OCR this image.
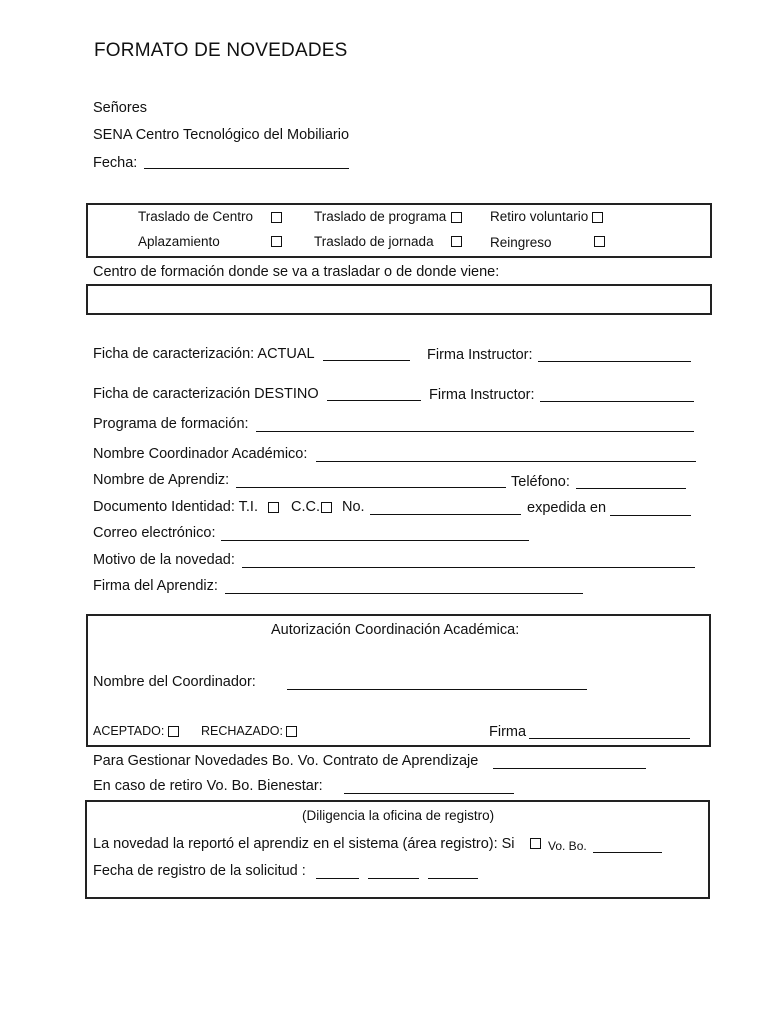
FORMATO DE NOVEDADES
Señores
SENA Centro Tecnológico del Mobiliario
Fecha:
Traslado de Centro	Traslado de programa	Retiro voluntario
Aplazamiento	Traslado de jornada	Reingreso
Centro de formación donde se va a trasladar o de donde viene:
Ficha de caracterización: ACTUAL	Firma Instructor:
Ficha de caracterización DESTINO	Firma Instructor:
Programa de formación:
Nombre Coordinador Académico:
Nombre de Aprendiz:	Teléfono:
Documento Identidad: T.I. C.C. No.	expedida en
Correo electrónico:
Motivo de la novedad:
Firma del Aprendiz:
Autorización Coordinación Académica:
Nombre del Coordinador:
ACEPTADO:	RECHAZADO:	Firma
Para Gestionar Novedades Bo. Vo. Contrato de Aprendizaje
En caso de retiro Vo. Bo. Bienestar:
(Diligencia la oficina de registro)
La novedad la reportó el aprendiz en el sistema (área registro): Si	Vo. Bo.
Fecha de registro de la solicitud :
